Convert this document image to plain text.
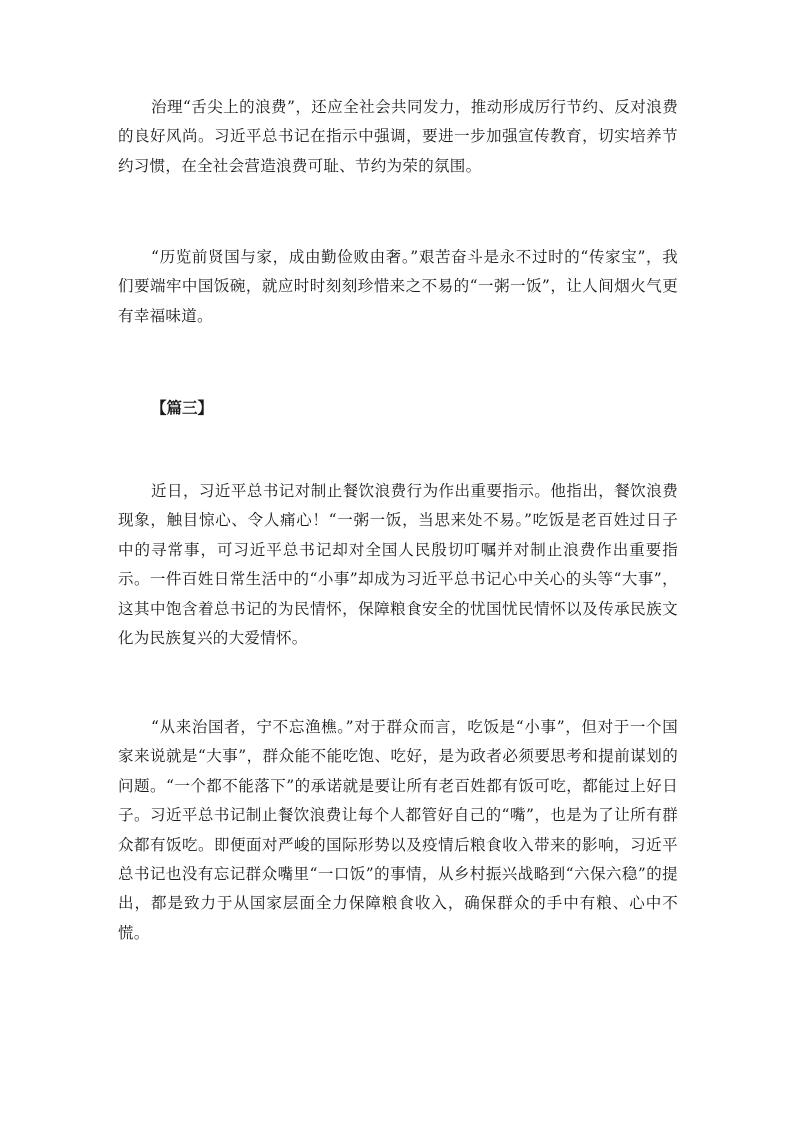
治理“舌尖上的浪费”，还应全社会共同发力，推动形成厉行节约、反对浪费的良好风尚。习近平总书记在指示中强调，要进一步加强宣传教育，切实培养节约习惯，在全社会营造浪费可耻、节约为荣的氛围。

“历览前贤国与家，成由勤俭败由奢。”艰苦奋斗是永不过时的“传家宝”，我们要端牢中国饭碗，就应时时刻刻珍惜来之不易的“一粥一饭”，让人间烟火气更有幸福味道。

【篇三】

近日，习近平总书记对制止餐饮浪费行为作出重要指示。他指出，餐饮浪费现象，触目惊心、令人痛心！“一粥一饭，当思来处不易。”吃饭是老百姓过日子中的寻常事，可习近平总书记却对全国人民殷切叮嘱并对制止浪费作出重要指示。一件百姓日常生活中的“小事”却成为习近平总书记心中关心的头等“大事”，这其中饱含着总书记的为民情怀，保障粮食安全的忧国忧民情怀以及传承民族文化为民族复兴的大爱情怀。

“从来治国者，宁不忘渔樵。”对于群众而言，吃饭是“小事”，但对于一个国家来说就是“大事”，群众能不能吃饱、吃好，是为政者必须要思考和提前谋划的问题。“一个都不能落下”的承诺就是要让所有老百姓都有饭可吃，都能过上好日子。习近平总书记制止餐饮浪费让每个人都管好自己的“嘴”，也是为了让所有群众都有饭吃。即便面对严峻的国际形势以及疫情后粮食收入带来的影响，习近平总书记也没有忘记群众嘴里“一口饭”的事情，从乡村振兴战略到“六保六稳”的提出，都是致力于从国家层面全力保障粮食收入，确保群众的手中有粮、心中不慌。
